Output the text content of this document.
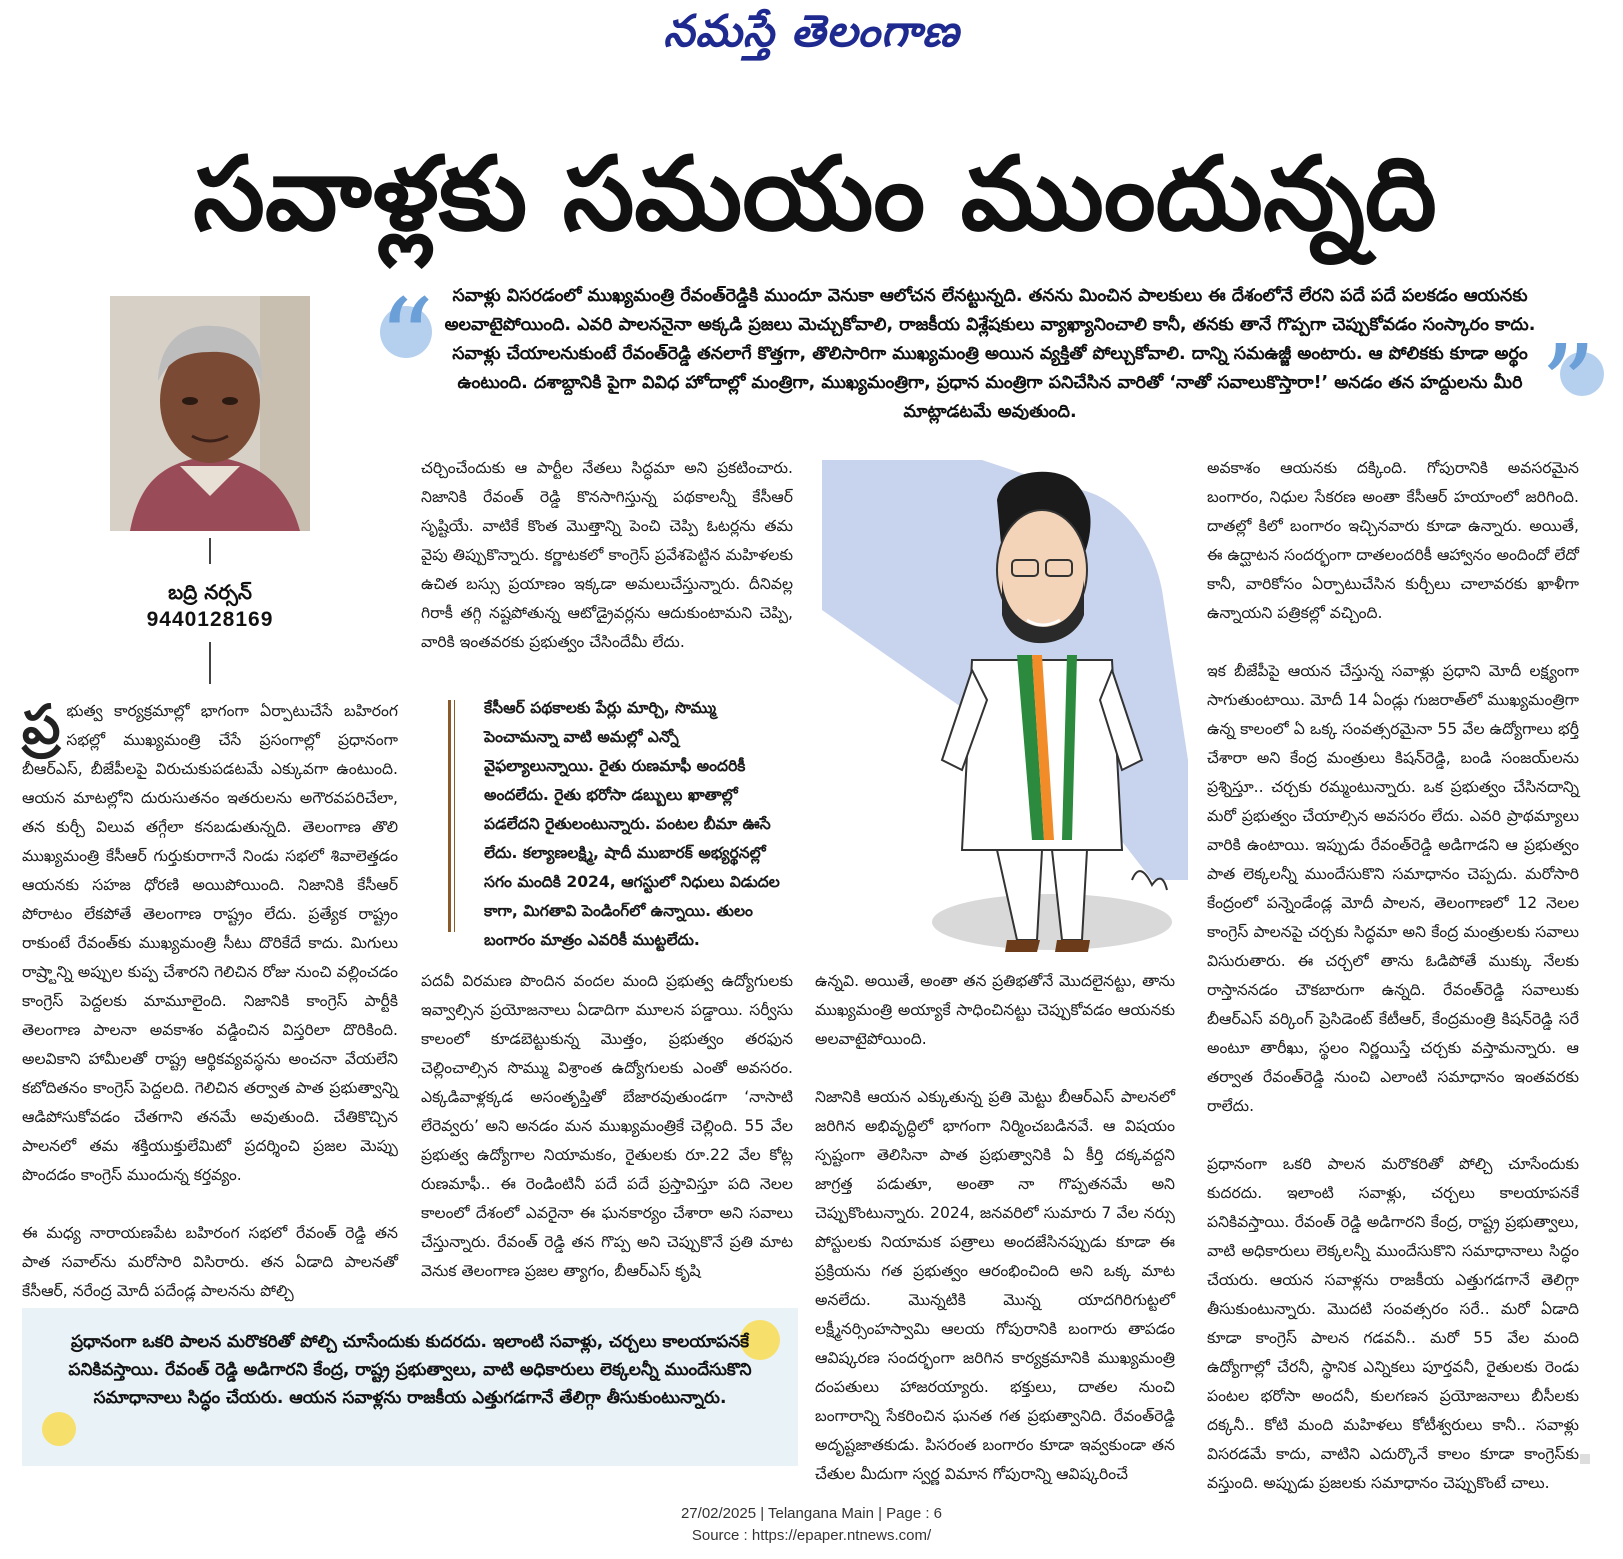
నమస్తే తెలంగాణ
సవాళ్లకు సమయం ముందున్నది
బద్రి నర్సన్
9440128169
“	”
సవాళ్లు విసరడంలో ముఖ్యమంత్రి రేవంత్‌రెడ్డికి ముందూ వెనుకా ఆలోచన లేనట్టున్నది. తనను మించిన పాలకులు ఈ దేశంలోనే లేరని పదే పదే పలకడం ఆయనకు అలవాటైపోయింది. ఎవరి పాలననైనా అక్కడి ప్రజలు మెచ్చుకోవాలి, రాజకీయ విశ్లేషకులు వ్యాఖ్యానించాలి కానీ, తనకు తానే గొప్పగా చెప్పుకోవడం సంస్కారం కాదు. సవాళ్లు చేయాలనుకుంటే రేవంత్‌రెడ్డి తనలాగే కొత్తగా, తొలిసారిగా ముఖ్యమంత్రి అయిన వ్యక్తితో పోల్చుకోవాలి. దాన్ని సమఉజ్జీ అంటారు. ఆ పోలికకు కూడా అర్థం ఉంటుంది. దశాబ్దానికి పైగా వివిధ హోదాల్లో మంత్రిగా, ముఖ్యమంత్రిగా, ప్రధాన మంత్రిగా పనిచేసిన వారితో ‘నాతో సవాలుకొస్తారా!’ అనడం తన హద్దులను మీరి మాట్లాడటమే అవుతుంది.

ప్ర భుత్వ కార్యక్రమాల్లో భాగంగా ఏర్పాటుచేసే బహిరంగ సభల్లో ముఖ్యమంత్రి చేసే ప్రసంగాల్లో ప్రధానంగా బీఆర్‌ఎస్, బీజేపీలపై విరుచుకుపడటమే ఎక్కువగా ఉంటుంది. ఆయన మాటల్లోని దురుసుతనం ఇతరులను అగౌరవపరిచేలా, తన కుర్చీ విలువ తగ్గేలా కనబడుతున్నది. తెలంగాణ తొలి ముఖ్యమంత్రి కేసీఆర్ గుర్తుకురాగానే నిండు సభలో శివాలెత్తడం ఆయనకు సహజ ధోరణి అయిపోయింది. నిజానికి కేసీఆర్ పోరాటం లేకపోతే తెలంగాణ రాష్ట్రం లేదు. ప్రత్యేక రాష్ట్రం రాకుంటే రేవంత్‌కు ముఖ్యమంత్రి సీటు దొరికేదే కాదు. మిగులు రాష్ర్టాన్ని అప్పుల కుప్ప చేశారని గెలిచిన రోజు నుంచి వల్లించడం కాంగ్రెస్ పెద్దలకు మామూలైంది. నిజానికి కాంగ్రెస్ పార్టీకి తెలంగాణ పాలనా అవకాశం వడ్డించిన విస్తరిలా దొరికింది. అలవికాని హామీలతో రాష్ట్ర ఆర్థికవ్యవస్థను అంచనా వేయలేని కబోదితనం కాంగ్రెస్ పెద్దలది. గెలిచిన తర్వాత పాత ప్రభుత్వాన్ని ఆడిపోసుకోవడం చేతగాని తనమే అవుతుంది. చేతికొచ్చిన పాలనలో తమ శక్తియుక్తులేమిటో ప్రదర్శించి ప్రజల మెప్పు పొందడం కాంగ్రెస్ ముందున్న కర్తవ్యం.

ఈ మధ్య నారాయణపేట బహిరంగ సభలో రేవంత్ రెడ్డి తన పాత సవాల్‌ను మరోసారి విసిరారు. తన ఏడాది పాలనతో కేసీఆర్, నరేంద్ర మోదీ పదేండ్ల పాలనను పోల్చి

చర్చించేందుకు ఆ పార్టీల నేతలు సిద్ధమా అని ప్రకటించారు. నిజానికి రేవంత్ రెడ్డి కొనసాగిస్తున్న పథకాలన్నీ కేసీఆర్ సృష్టియే. వాటికే కొంత మొత్తాన్ని పెంచి చెప్పి ఓటర్లను తమ వైపు తిప్పుకొన్నారు. కర్ణాటకలో కాంగ్రెస్ ప్రవేశపెట్టిన మహిళలకు ఉచిత బస్సు ప్రయాణం ఇక్కడా అమలుచేస్తున్నారు. దీనివల్ల గిరాకీ తగ్గి నష్టపోతున్న ఆటోడ్రైవర్లను ఆదుకుంటామని చెప్పి, వారికి ఇంతవరకు ప్రభుత్వం చేసిందేమీ లేదు.

కేసీఆర్ పథకాలకు పేర్లు మార్చి, సొమ్ము పెంచామన్నా వాటి అమల్లో ఎన్నో వైఫల్యాలున్నాయి. రైతు రుణమాఫీ అందరికీ అందలేదు. రైతు భరోసా డబ్బులు ఖాతాల్లో పడలేదని రైతులంటున్నారు. పంటల బీమా ఊసే లేదు. కల్యాణలక్ష్మి, షాదీ ముబారక్ అభ్యర్థనల్లో సగం మందికి 2024, ఆగస్టులో నిధులు విడుదల కాగా, మిగతావి పెండింగ్‌లో ఉన్నాయి. తులం బంగారం మాత్రం ఎవరికీ ముట్టలేదు.

పదవీ విరమణ పొందిన వందల మంది ప్రభుత్వ ఉద్యోగులకు ఇవ్వాల్సిన ప్రయోజనాలు ఏడాదిగా మూలన పడ్డాయి. సర్వీసు కాలంలో కూడబెట్టుకున్న మొత్తం, ప్రభుత్వం తరఫున చెల్లించాల్సిన సొమ్ము విశ్రాంత ఉద్యోగులకు ఎంతో అవసరం. ఎక్కడివాళ్లక్కడ అసంతృప్తితో బేజారవుతుండగా ‘నాసాటి లేరెవ్వరు’ అని అనడం మన ముఖ్యమంత్రికే చెల్లింది. 55 వేల ప్రభుత్వ ఉద్యోగాల నియామకం, రైతులకు రూ.22 వేల కోట్ల రుణమాఫీ.. ఈ రెండింటినీ పదే పదే ప్రస్తావిస్తూ పది నెలల కాలంలో దేశంలో ఎవరైనా ఈ ఘనకార్యం చేశారా అని సవాలు చేస్తున్నారు. రేవంత్ రెడ్డి తన గొప్ప అని చెప్పుకొనే ప్రతి మాట వెనుక తెలంగాణ ప్రజల త్యాగం, బీఆర్‌ఎస్ కృషి

ఉన్నవి. అయితే, అంతా తన ప్రతిభతోనే మొదలైనట్టు, తాను ముఖ్యమంత్రి అయ్యాకే సాధించినట్టు చెప్పుకోవడం ఆయనకు అలవాటైపోయింది.

నిజానికి ఆయన ఎక్కుతున్న ప్రతి మెట్టు బీఆర్‌ఎస్ పాలనలో జరిగిన అభివృద్ధిలో భాగంగా నిర్మించబడినవే. ఆ విషయం స్పష్టంగా తెలిసినా పాత ప్రభుత్వానికి ఏ కీర్తి దక్కవద్దని జాగ్రత్త పడుతూ, అంతా నా గొప్పతనమే అని చెప్పుకొంటున్నారు. 2024, జనవరిలో సుమారు 7 వేల నర్సు పోస్టులకు నియామక పత్రాలు అందజేసినప్పుడు కూడా ఈ ప్రక్రియను గత ప్రభుత్వం ఆరంభించింది అని ఒక్క మాట అనలేదు. మొన్నటికి మొన్న యాదగిరిగుట్టలో లక్ష్మీనర్సింహస్వామి ఆలయ గోపురానికి బంగారు తాపడం ఆవిష్కరణ సందర్భంగా జరిగిన కార్యక్రమానికి ముఖ్యమంత్రి దంపతులు హాజరయ్యారు. భక్తులు, దాతల నుంచి బంగారాన్ని సేకరించిన ఘనత గత ప్రభుత్వానిది. రేవంత్‌రెడ్డి అదృష్టజాతకుడు. పిసరంత బంగారం కూడా ఇవ్వకుండా తన చేతుల మీదుగా స్వర్ణ విమాన గోపురాన్ని ఆవిష్కరించే

అవకాశం ఆయనకు దక్కింది. గోపురానికి అవసరమైన బంగారం, నిధుల సేకరణ అంతా కేసీఆర్ హయాంలో జరిగింది. దాతల్లో కిలో బంగారం ఇచ్చినవారు కూడా ఉన్నారు. అయితే, ఈ ఉద్ఘాటన సందర్భంగా దాతలందరికీ ఆహ్వానం అందిందో లేదో కానీ, వారికోసం ఏర్పాటుచేసిన కుర్చీలు చాలావరకు ఖాళీగా ఉన్నాయని పత్రికల్లో వచ్చింది.

ఇక బీజేపీపై ఆయన చేస్తున్న సవాళ్లు ప్రధాని మోదీ లక్ష్యంగా సాగుతుంటాయి. మోదీ 14 ఏండ్లు గుజరాత్‌లో ముఖ్యమంత్రిగా ఉన్న కాలంలో ఏ ఒక్క సంవత్సరమైనా 55 వేల ఉద్యోగాలు భర్తీ చేశారా అని కేంద్ర మంత్రులు కిషన్‌రెడ్డి, బండి సంజయ్‌లను ప్రశ్నిస్తూ.. చర్చకు రమ్మంటున్నారు. ఒక ప్రభుత్వం చేసినదాన్ని మరో ప్రభుత్వం చేయాల్సిన అవసరం లేదు. ఎవరి ప్రాథమ్యాలు వారికి ఉంటాయి. ఇప్పుడు రేవంత్‌రెడ్డి అడిగాడని ఆ ప్రభుత్వం పాత లెక్కలన్నీ ముందేసుకొని సమాధానం చెప్పదు. మరోసారి కేంద్రంలో పన్నెండేండ్ల మోదీ పాలన, తెలంగాణలో 12 నెలల కాంగ్రెస్ పాలనపై చర్చకు సిద్ధమా అని కేంద్ర మంత్రులకు సవాలు విసురుతారు. ఈ చర్చలో తాను ఓడిపోతే ముక్కు నేలకు రాస్తాననడం చౌకబారుగా ఉన్నది. రేవంత్‌రెడ్డి సవాలుకు బీఆర్‌ఎస్ వర్కింగ్ ప్రెసిడెంట్ కేటీఆర్, కేంద్రమంత్రి కిషన్‌రెడ్డి సరే అంటూ తారీఖు, స్థలం నిర్ణయిస్తే చర్చకు వస్తామన్నారు. ఆ తర్వాత రేవంత్‌రెడ్డి నుంచి ఎలాంటి సమాధానం ఇంతవరకు రాలేదు.

ప్రధానంగా ఒకరి పాలన మరొకరితో పోల్చి చూసేందుకు కుదరదు. ఇలాంటి సవాళ్లు, చర్చలు కాలయాపనకే పనికివస్తాయి. రేవంత్ రెడ్డి అడిగారని కేంద్ర, రాష్ట్ర ప్రభుత్వాలు, వాటి అధికారులు లెక్కలన్నీ ముందేసుకొని సమాధానాలు సిద్ధం చేయరు. ఆయన సవాళ్లను రాజకీయ ఎత్తుగడగానే తెలిగ్గా తీసుకుంటున్నారు. మొదటి సంవత్సరం సరే.. మరో ఏడాది కూడా కాంగ్రెస్ పాలన గడవనీ.. మరో 55 వేల మంది ఉద్యోగాల్లో చేరనీ, స్థానిక ఎన్నికలు పూర్తవనీ, రైతులకు రెండు పంటల భరోసా అందనీ, కులగణన ప్రయోజనాలు బీసీలకు దక్కనీ.. కోటి మంది మహిళలు కోటీశ్వరులు కానీ.. సవాళ్లు విసరడమే కాదు, వాటిని ఎదుర్కొనే కాలం కూడా కాంగ్రెస్‌కు వస్తుంది. అప్పుడు ప్రజలకు సమాధానం చెప్పుకొంటే చాలు.

ప్రధానంగా ఒకరి పాలన మరొకరితో పోల్చి చూసేందుకు కుదరదు. ఇలాంటి సవాళ్లు, చర్చలు కాలయాపనకే పనికివస్తాయి. రేవంత్ రెడ్డి అడిగారని కేంద్ర, రాష్ట్ర ప్రభుత్వాలు, వాటి అధికారులు లెక్కలన్నీ ముందేసుకొని సమాధానాలు సిద్ధం చేయరు. ఆయన సవాళ్లను రాజకీయ ఎత్తుగడగానే తేలిగ్గా తీసుకుంటున్నారు.
27/02/2025 | Telangana Main | Page : 6
Source : https://epaper.ntnews.com/
